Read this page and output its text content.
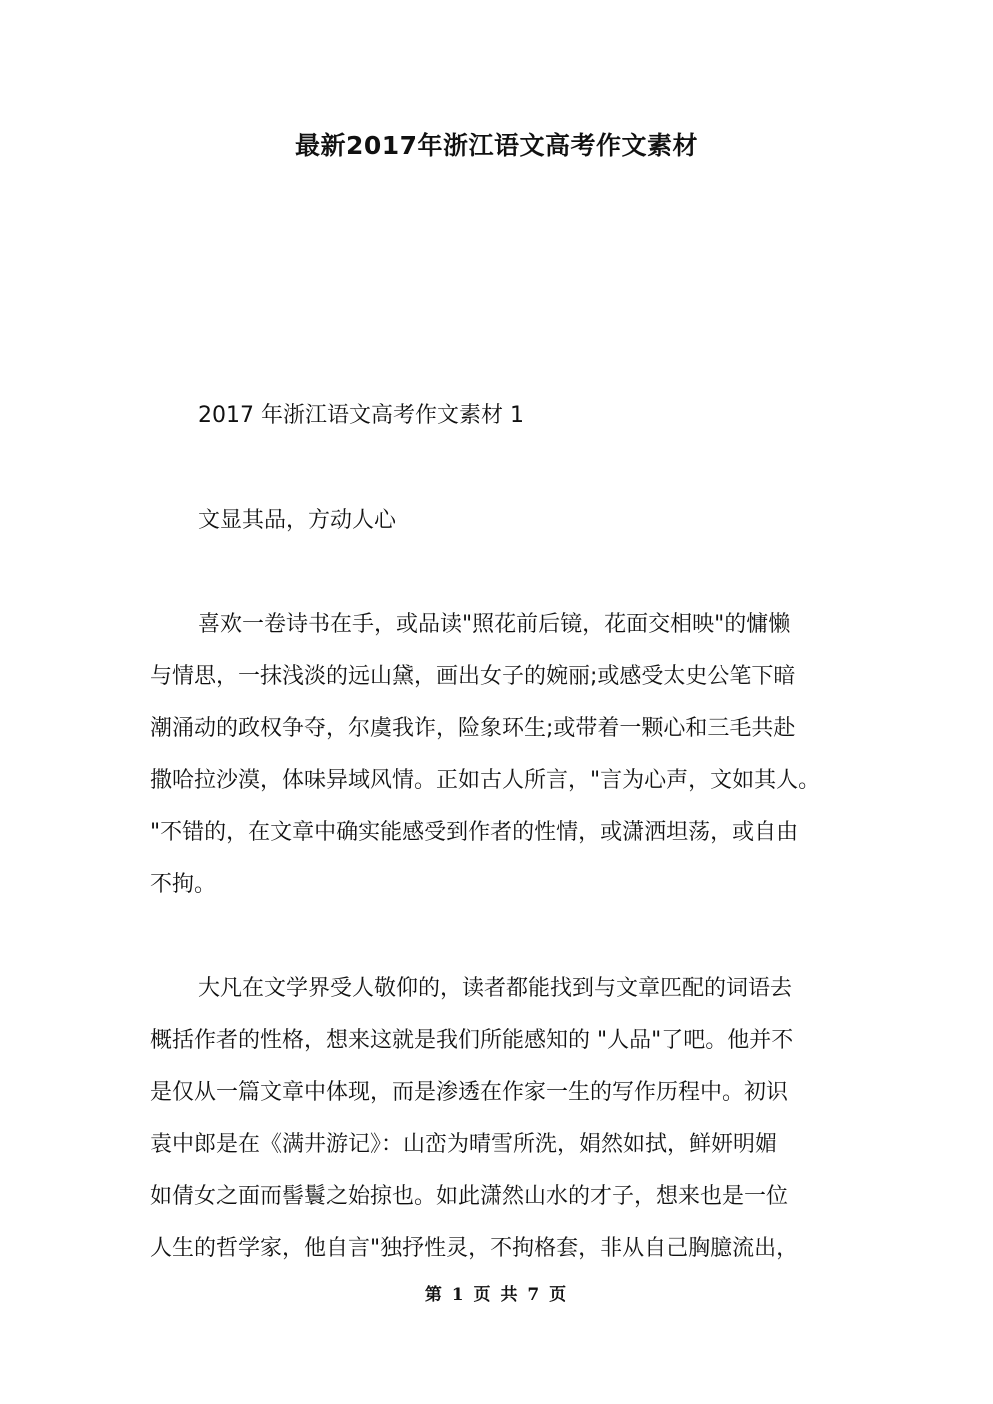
最新2017年浙江语文高考作文素材
2017 年浙江语文高考作文素材 1
文显其品，方动人心
喜欢一卷诗书在手，或品读"照花前后镜，花面交相映"的慵懒
与情思，一抹浅淡的远山黛，画出女子的婉丽;或感受太史公笔下暗
潮涌动的政权争夺，尔虞我诈，险象环生;或带着一颗心和三毛共赴
撒哈拉沙漠，体味异域风情。正如古人所言，"言为心声，文如其人。
"不错的，在文章中确实能感受到作者的性情，或潇洒坦荡，或自由
不拘。
大凡在文学界受人敬仰的，读者都能找到与文章匹配的词语去
概括作者的性格，想来这就是我们所能感知的 "人品"了吧。他并不
是仅从一篇文章中体现，而是渗透在作家一生的写作历程中。初识
袁中郎是在《满井游记》：山峦为晴雪所洗，娟然如拭，鲜妍明媚
如倩女之面而髻鬟之始掠也。如此潇然山水的才子，想来也是一位
人生的哲学家，他自言"独抒性灵，不拘格套，非从自己胸臆流出，
第 1 页 共 7 页
